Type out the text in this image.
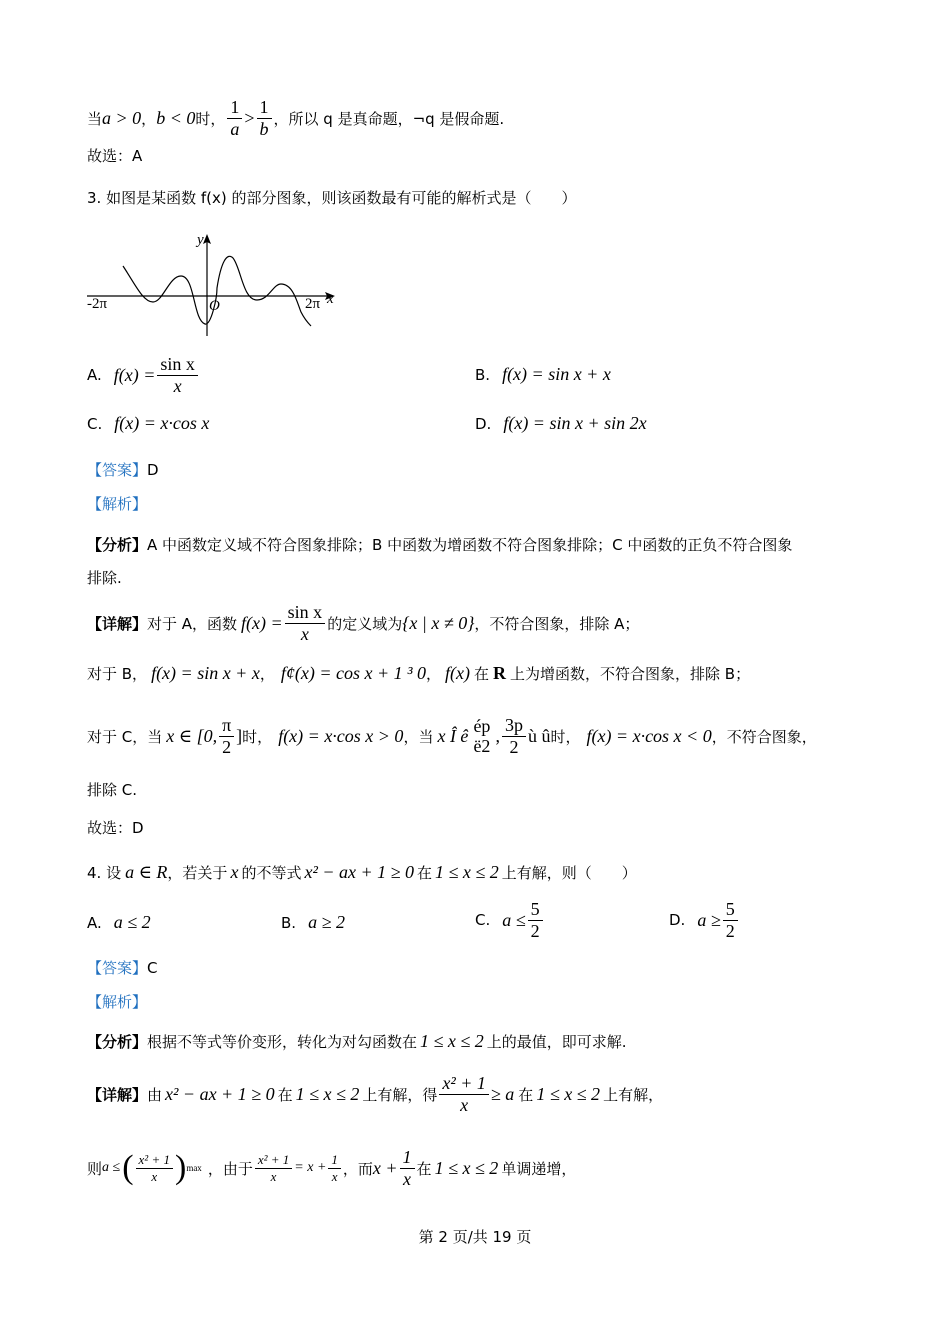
当 a > 0 ， b < 0 时， $\frac{1}{a} > \frac{1}{b}$ ，所以 q 是真命题，¬q 是假命题.
故选：A
3. 如图是某函数 f(x) 的部分图象，则该函数最有可能的解析式是（　　）
y
x
O
-2π	2π
A. $f(x) = \frac{\text{sin x}}{x}$	B. f(x) = sin x + x
C. f(x) = x·cos x	D. f(x) = sin x + sin 2x
【答案】 D
【解析】
【分析】 A 中函数定义域不符合图象排除；B 中函数为增函数不符合图象排除；C 中函数的正负不符合图象
排除.
【详解】 对于 A，函数 $f(x) = \frac{\text{sin x}}{x}$ 的定义域为 {x | x ≠ 0} ，不符合图象，排除 A；
对于 B， f(x) = sin x + x ， f¢(x) = cos x + 1 ³ 0 ， f(x) 在 R 上为增函数，不符合图象，排除 B；
对于 C，当 x ∈ [0, $\frac{\pi}{2}$ ] 时， f(x) = x·cos x > 0 ，当 x Î ê
ép
ë2
, $\frac{3p}{2}$ ù û 时， f(x) = x·cos x < 0 ，不符合图象，
排除 C.
故选：D
4. 设 a ∈ R ，若关于 x 的不等式 x² − ax + 1 ≥ 0 在 1 ≤ x ≤ 2 上有解，则（　　）
A. a ≤ 2	B. a ≥ 2	C. $a \le \frac{5}{2}$	D. $a \ge \frac{5}{2}$
【答案】 C
【解析】
【分析】 根据不等式等价变形，转化为对勾函数在 1 ≤ x ≤ 2 上的最值，即可求解.
【详解】 由 x² − ax + 1 ≥ 0 在 1 ≤ x ≤ 2 上有解，得 $\frac{\text{x² + 1}}{x} \ge a$ 在 1 ≤ x ≤ 2 上有解，
则 a ≤ ( $\frac{\text{x² + 1}}{x}$ ) max ，由于 $\frac{\text{x² + 1}}{x} = x + \frac{1}{x}$ ，而 $x + \frac{1}{x}$ 在 1 ≤ x ≤ 2 单调递增，
第 2 页/共 19 页
